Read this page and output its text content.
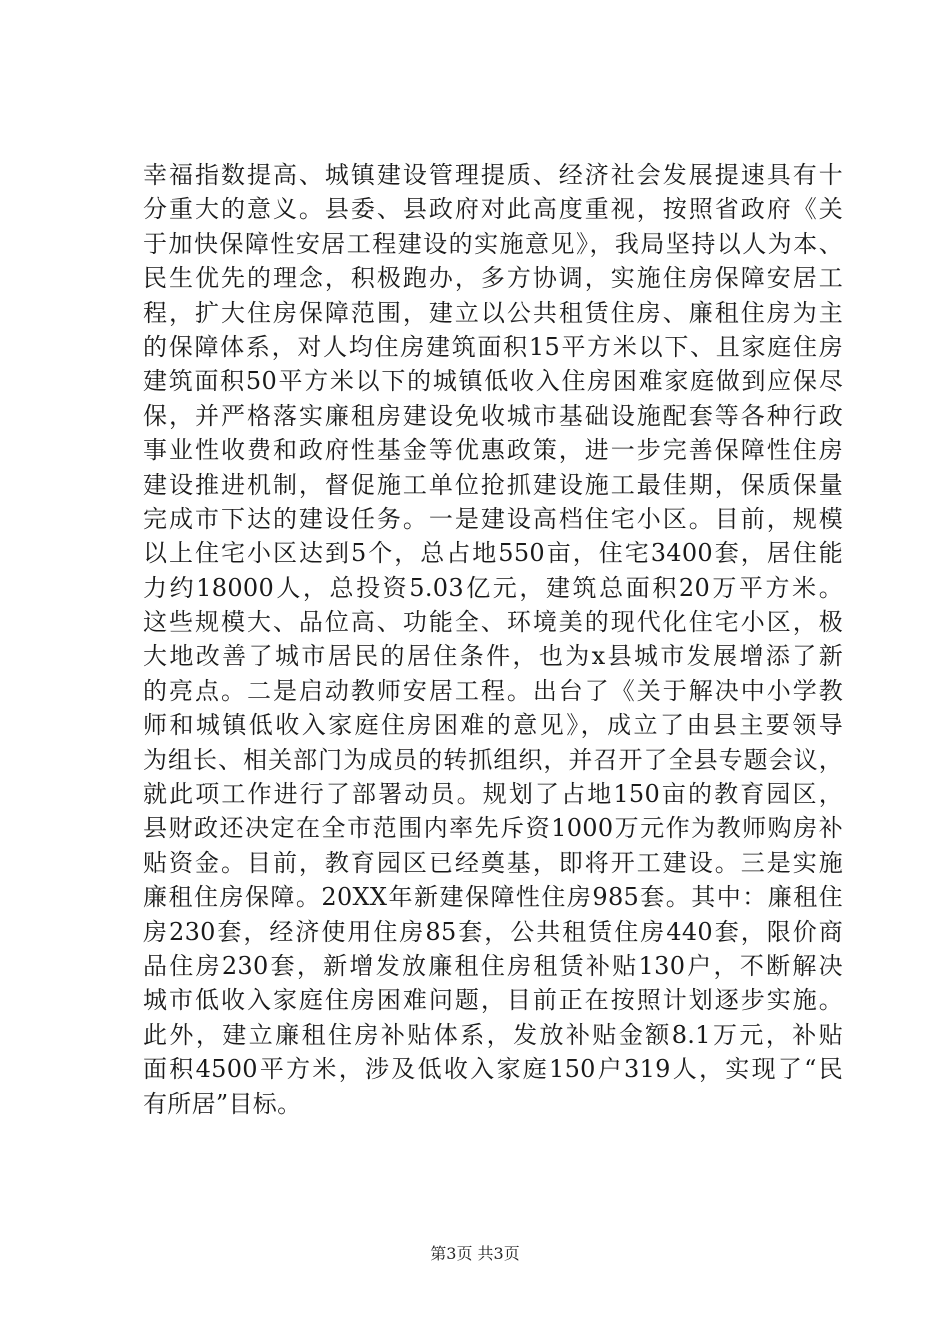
幸福指数提高、城镇建设管理提质、经济社会发展提速具有十
分重大的意义。县委、县政府对此高度重视，按照省政府《关
于加快保障性安居工程建设的实施意见》，我局坚持以人为本、
民生优先的理念，积极跑办，多方协调，实施住房保障安居工
程，扩大住房保障范围，建立以公共租赁住房、廉租住房为主
的保障体系，对人均住房建筑面积15平方米以下、且家庭住房
建筑面积50平方米以下的城镇低收入住房困难家庭做到应保尽
保，并严格落实廉租房建设免收城市基础设施配套等各种行政
事业性收费和政府性基金等优惠政策，进一步完善保障性住房
建设推进机制，督促施工单位抢抓建设施工最佳期，保质保量
完成市下达的建设任务。一是建设高档住宅小区。目前，规模
以上住宅小区达到5个，总占地550亩，住宅3400套，居住能
力约18000人，总投资5.03亿元，建筑总面积20万平方米。
这些规模大、品位高、功能全、环境美的现代化住宅小区，极
大地改善了城市居民的居住条件，也为x县城市发展增添了新
的亮点。二是启动教师安居工程。出台了《关于解决中小学教
师和城镇低收入家庭住房困难的意见》，成立了由县主要领导
为组长、相关部门为成员的转抓组织，并召开了全县专题会议，
就此项工作进行了部署动员。规划了占地150亩的教育园区，
县财政还决定在全市范围内率先斥资1000万元作为教师购房补
贴资金。目前，教育园区已经奠基，即将开工建设。三是实施
廉租住房保障。20XX年新建保障性住房985套。其中：廉租住
房230套，经济使用住房85套，公共租赁住房440套，限价商
品住房230套，新增发放廉租住房租赁补贴130户，不断解决
城市低收入家庭住房困难问题，目前正在按照计划逐步实施。
此外，建立廉租住房补贴体系，发放补贴金额8.1万元，补贴
面积4500平方米，涉及低收入家庭150户319人，实现了“民
有所居”目标。
第3页 共3页
